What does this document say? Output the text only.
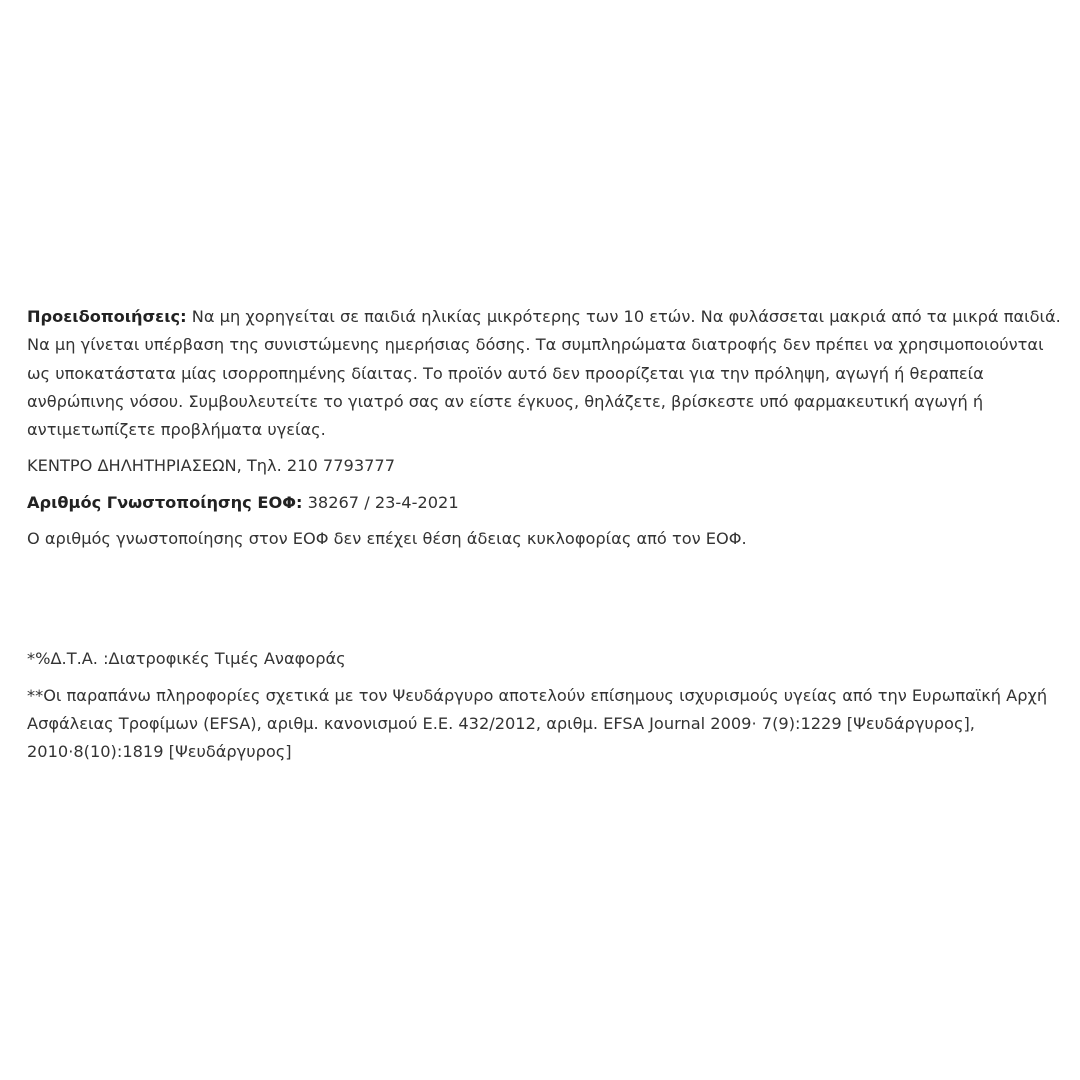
Προειδοποιήσεις: Να μη χορηγείται σε παιδιά ηλικίας μικρότερης των 10 ετών. Να φυλάσσεται μακριά από τα μικρά παιδιά. Να μη γίνεται υπέρβαση της συνιστώμενης ημερήσιας δόσης. Τα συμπληρώματα διατροφής δεν πρέπει να χρησιμοποιούνται ως υποκατάστατα μίας ισορροπημένης δίαιτας. Το προϊόν αυτό δεν προορίζεται για την πρόληψη, αγωγή ή θεραπεία ανθρώπινης νόσου. Συμβουλευτείτε το γιατρό σας αν είστε έγκυος, θηλάζετε, βρίσκεστε υπό φαρμακευτική αγωγή ή αντιμετωπίζετε προβλήματα υγείας.

ΚΕΝΤΡΟ ΔΗΛΗΤΗΡΙΑΣΕΩΝ, Τηλ. 210 7793777

Αριθμός Γνωστοποίησης ΕΟΦ: 38267 / 23-4-2021

Ο αριθμός γνωστοποίησης στον ΕΟΦ δεν επέχει θέση άδειας κυκλοφορίας από τον ΕΟΦ.

*%Δ.Τ.Α. :Διατροφικές Τιμές Αναφοράς

**Οι παραπάνω πληροφορίες σχετικά με τον Ψευδάργυρο αποτελούν επίσημους ισχυρισμούς υγείας από την Ευρωπαϊκή Αρχή Ασφάλειας Τροφίμων (EFSA), αριθμ. κανονισμού Ε.Ε. 432/2012, αριθμ. EFSA Journal 2009· 7(9):1229 [Ψευδάργυρος], 2010·8(10):1819 [Ψευδάργυρος]
